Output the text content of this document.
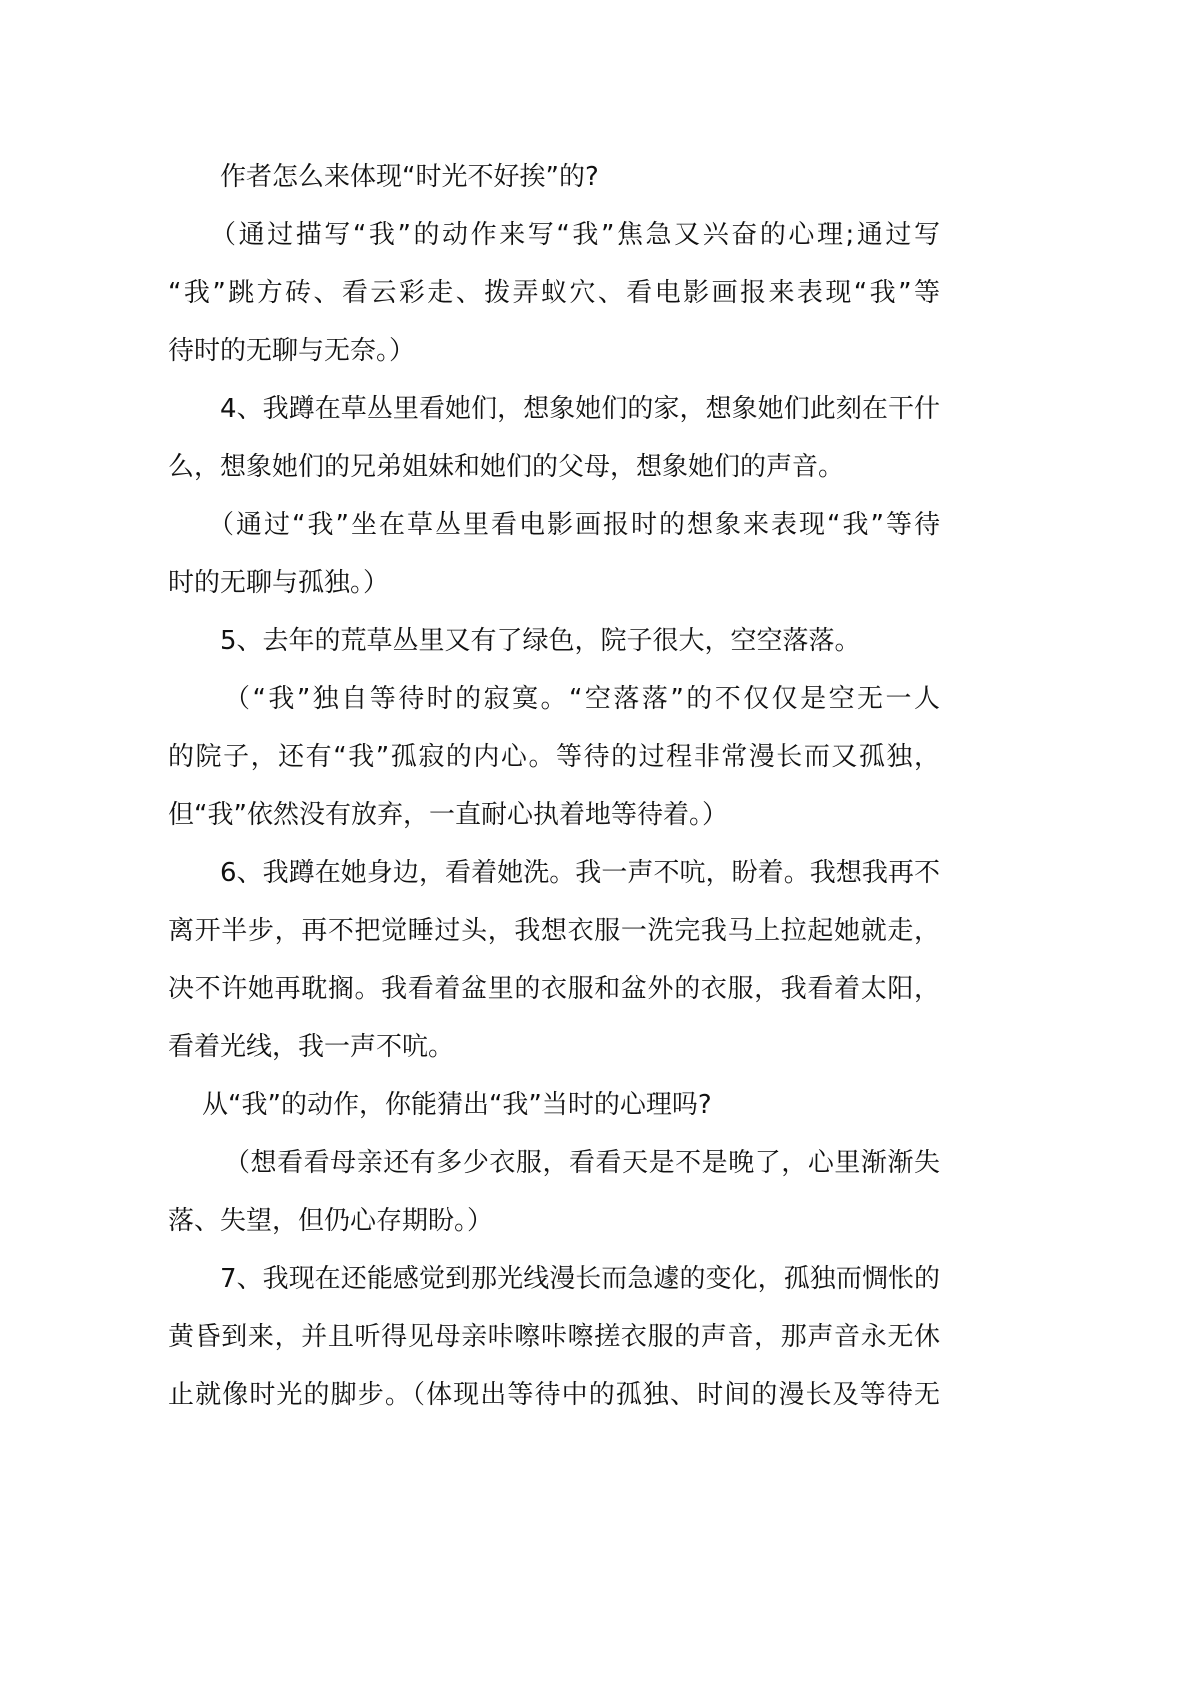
作者怎么来体现“时光不好挨”的?
（通过描写“我”的动作来写“我”焦急又兴奋的心理;通过写
“我”跳方砖、看云彩走、拨弄蚁穴、看电影画报来表现“我”等
待时的无聊与无奈。）
4、我蹲在草丛里看她们，想象她们的家，想象她们此刻在干什
么，想象她们的兄弟姐妹和她们的父母，想象她们的声音。
（通过“我”坐在草丛里看电影画报时的想象来表现“我”等待
时的无聊与孤独。）
5、去年的荒草丛里又有了绿色，院子很大，空空落落。
（“我”独自等待时的寂寞。“空落落”的不仅仅是空无一人
的院子，还有“我”孤寂的内心。等待的过程非常漫长而又孤独，
但“我”依然没有放弃，一直耐心执着地等待着。）
6、我蹲在她身边，看着她洗。我一声不吭，盼着。我想我再不
离开半步，再不把觉睡过头，我想衣服一洗完我马上拉起她就走，
决不许她再耽搁。我看着盆里的衣服和盆外的衣服，我看着太阳，
看着光线，我一声不吭。
从“我”的动作，你能猜出“我”当时的心理吗?
（想看看母亲还有多少衣服，看看天是不是晚了，心里渐渐失
落、失望，但仍心存期盼。）
7、我现在还能感觉到那光线漫长而急遽的变化，孤独而惆怅的
黄昏到来，并且听得见母亲咔嚓咔嚓搓衣服的声音，那声音永无休
止就像时光的脚步。（体现出等待中的孤独、时间的漫长及等待无
